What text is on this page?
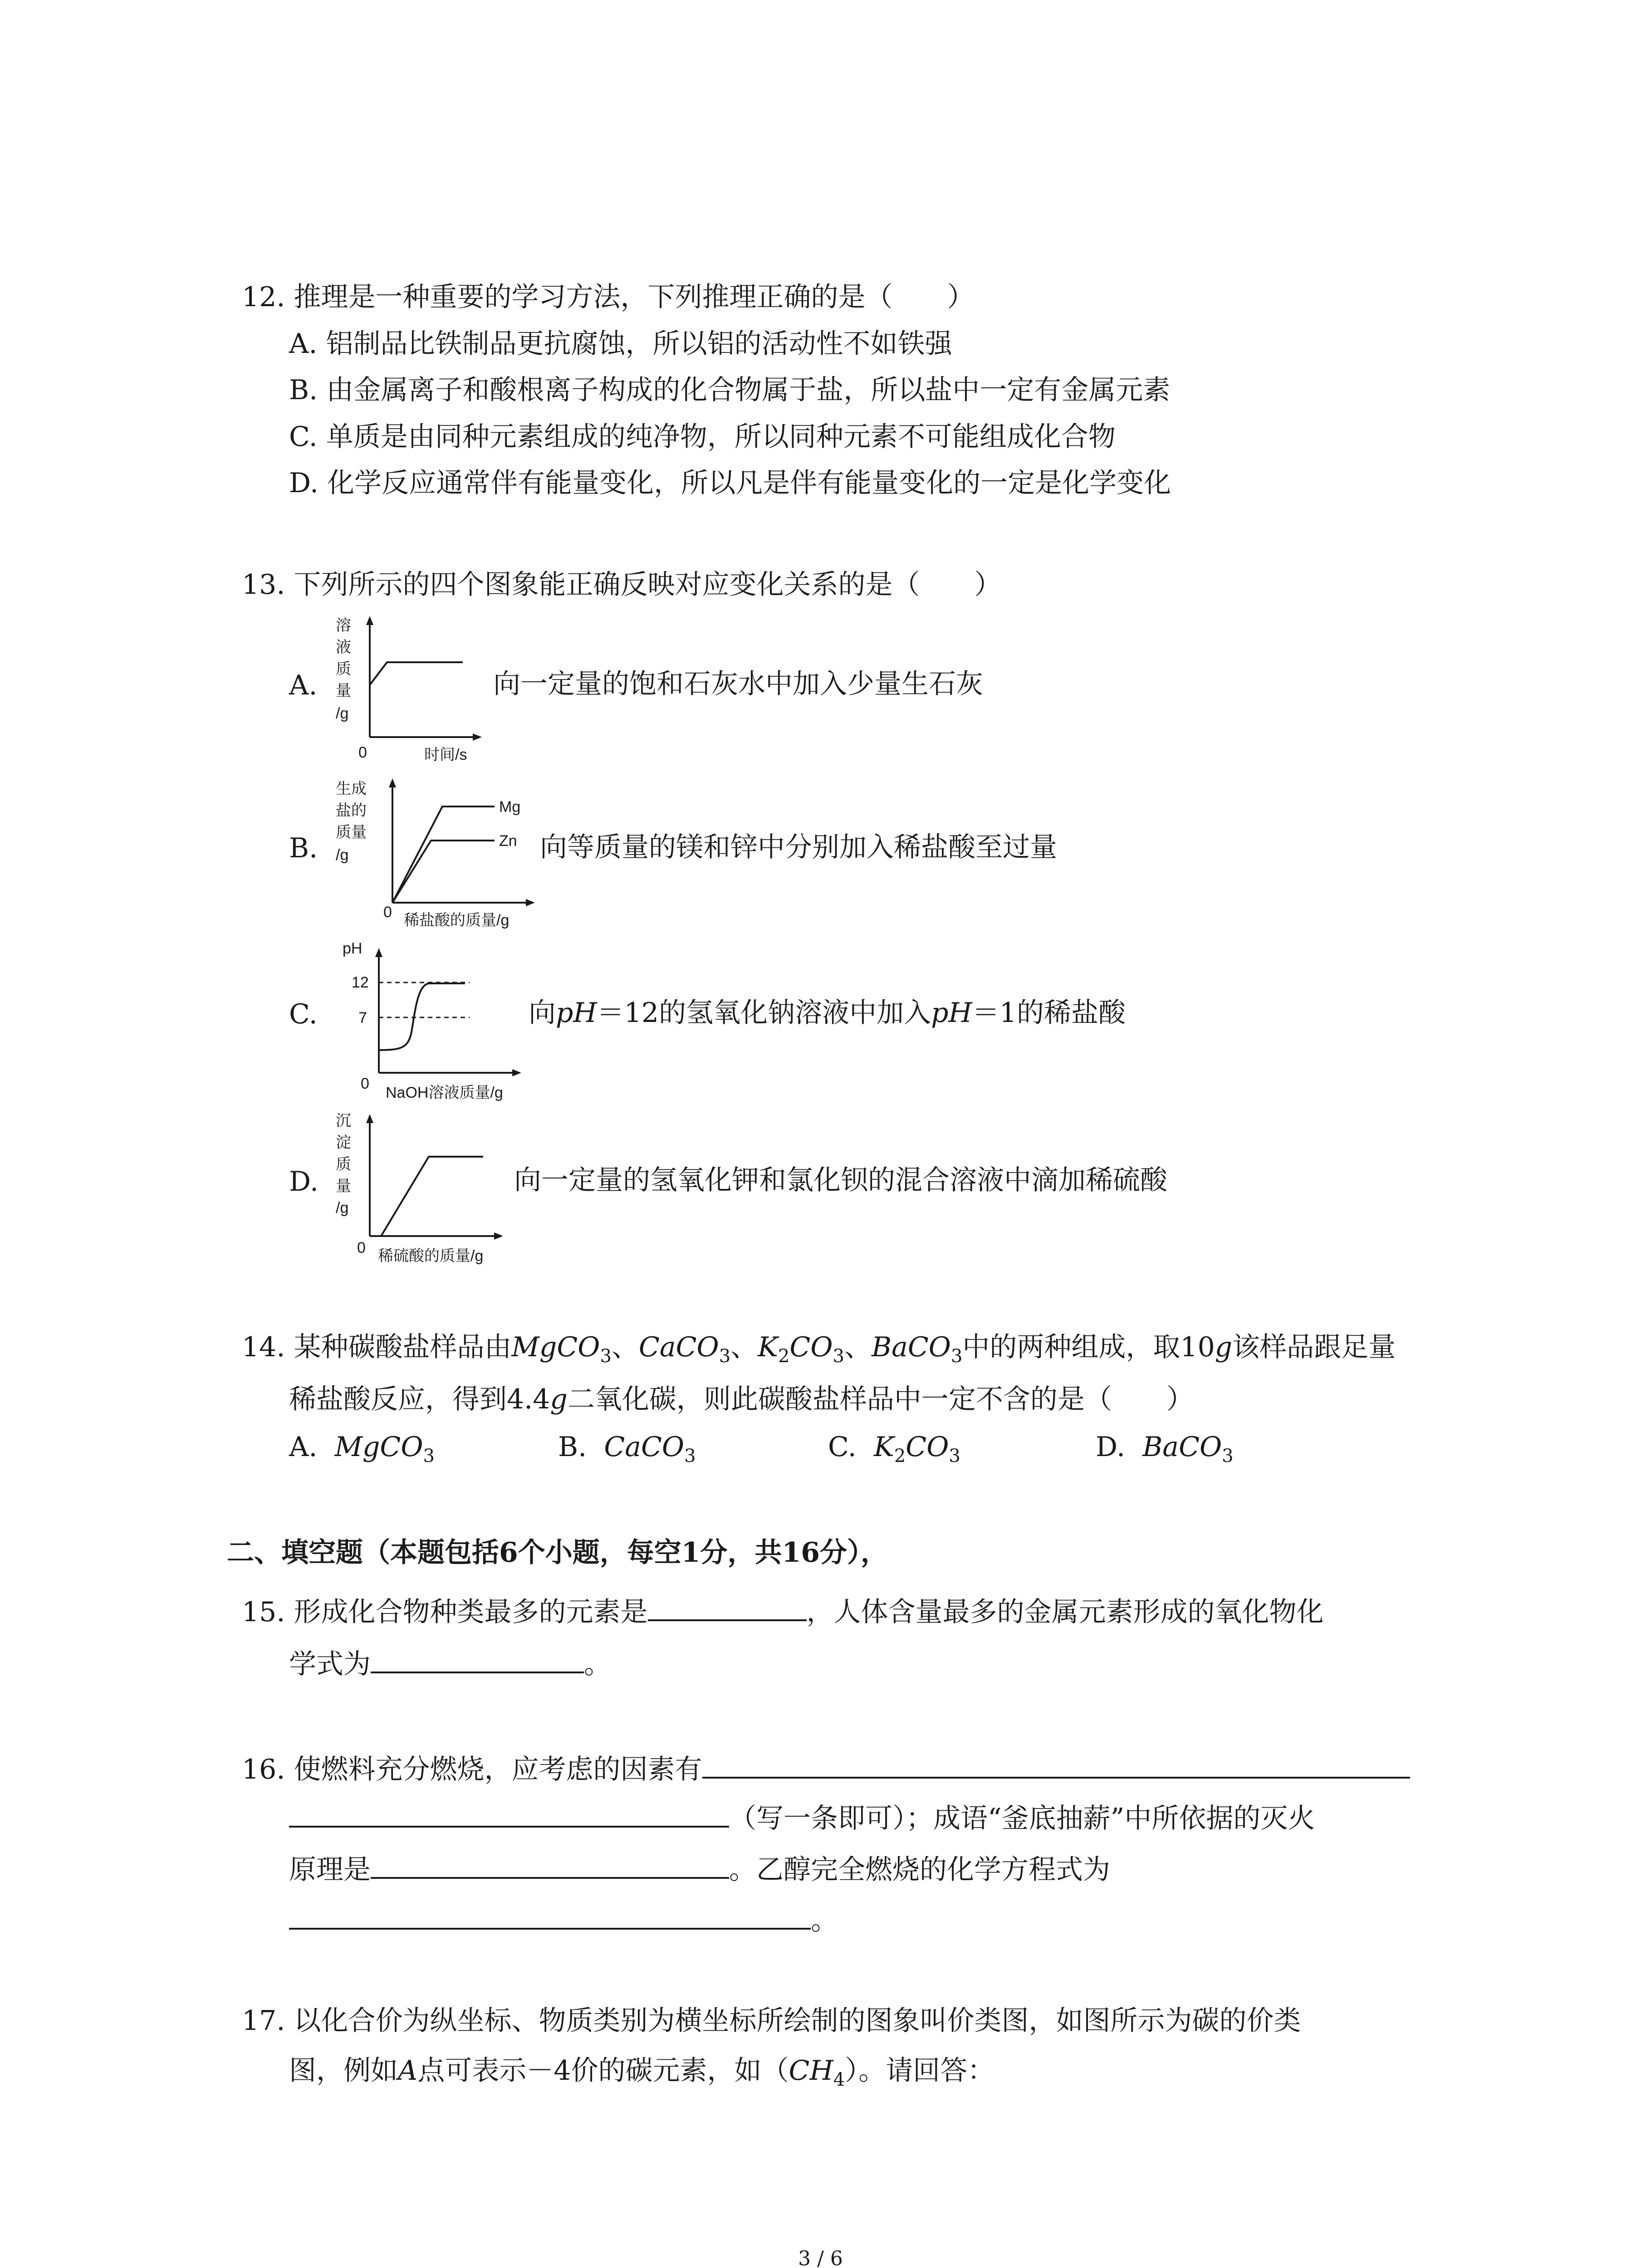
12. 推理是一种重要的学习方法，下列推理正确的是（　　）
A. 铝制品比铁制品更抗腐蚀，所以铝的活动性不如铁强
B. 由金属离子和酸根离子构成的化合物属于盐，所以盐中一定有金属元素
C. 单质是由同种元素组成的纯净物，所以同种元素不可能组成化合物
D. 化学反应通常伴有能量变化，所以凡是伴有能量变化的一定是化学变化
13. 下列所示的四个图象能正确反映对应变化关系的是（　　）
A.
溶
液
质
量
/g
0	时间/s
向一定量的饱和石灰水中加入少量生石灰
B.
生成
盐的
质量
/g
0 稀盐酸的质量/g
Mg
Zn 向等质量的镁和锌中分别加入稀盐酸至过量
C.
pH
12
7
0
NaOH溶液质量/g
向pH＝12的氢氧化钠溶液中加入pH＝1的稀盐酸
D.
沉
淀
质
量
/g
0 稀硫酸的质量/g
向一定量的氢氧化钾和氯化钡的混合溶液中滴加稀硫酸
14. 某种碳酸盐样品由MgCO$_3$、CaCO$_3$、$K_2CO_3$、BaCO$_3$中的两种组成，取10g该样品跟足量
稀盐酸反应，得到4.4g二氧化碳，则此碳酸盐样品中一定不含的是（　　）
A. MgCO$_3$	B. CaCO$_3$	C. $K_2CO_3$	D. BaCO$_3$
二、填空题（本题包括6个小题，每空1分，共16分），
15. 形成化合物种类最多的元素是	，人体含量最多的金属元素形成的氧化物化
学式为	。
16. 使燃料充分燃烧，应考虑的因素有
（写一条即可）；成语“釜底抽薪”中所依据的灭火
原理是	。乙醇完全燃烧的化学方程式为
。
17. 以化合价为纵坐标、物质类别为横坐标所绘制的图象叫价类图，如图所示为碳的价类
图，例如A点可表示－4价的碳元素，如$(CH_4)$。请回答：
3 / 6
